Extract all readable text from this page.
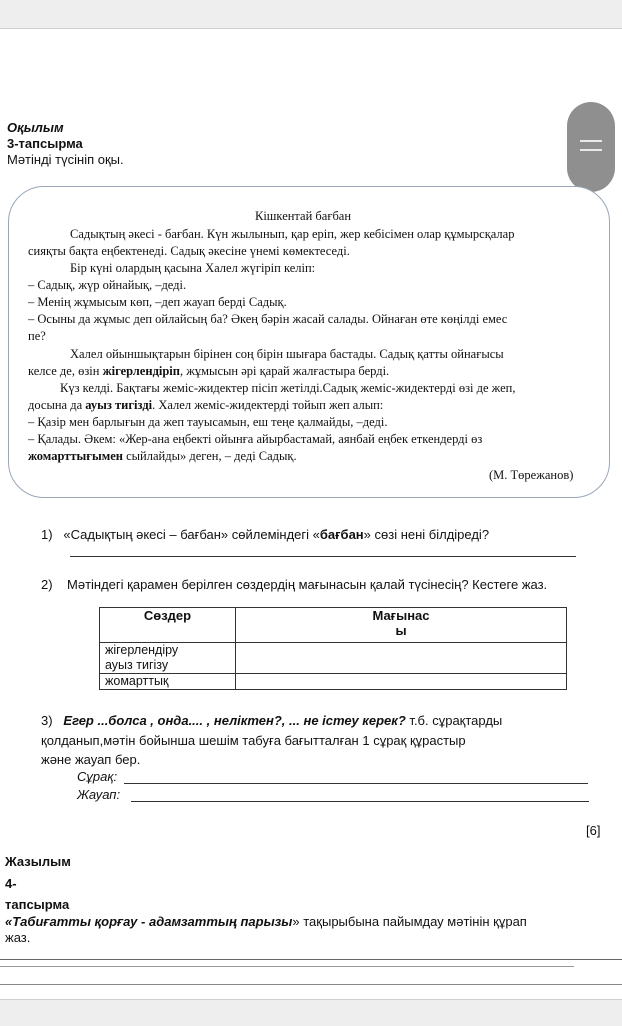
Оқылым
3-тапсырма
Мәтінді түсініп оқы.
Кішкентай бағбан
Садықтың әкесі - бағбан. Күн жылынып, қар еріп, жер кебісімен олар құмырсқалар
сияқты бақта еңбектенеді. Садық әкесіне үнемі көмектеседі.
Бір күні олардың қасына Халел жүгіріп келіп:
– Садық, жүр ойнайық, –деді.
– Менің жұмысым көп, –деп жауап берді Садық.
– Осыны да жұмыс деп ойлайсың ба? Әкең бәрін жасай салады. Ойнаған өте көңілді емес
пе?
Халел ойыншықтарын бірінен соң бірін шығара бастады. Садық қатты ойнағысы
келсе де, өзін жігерлендіріп, жұмысын әрі қарай жалғастыра берді.
Күз келді. Бақтағы жеміс-жидектер пісіп жетілді.Садық жеміс-жидектерді өзі де жеп,
досына да ауыз тигізді. Халел жеміс-жидектерді тойып жеп алып:
– Қазір мен барлығын да жеп тауысамын, еш теңе қалмайды, –деді.
– Қалады. Әкем: «Жер-ана еңбекті ойынға айырбастамай, аянбай еңбек еткендерді өз
жомарттығымен сыйлайды» деген, – деді Садық.
(М. Төрежанов)
1) «Садықтың әкесі – бағбан» сөйлеміндегі «бағбан» сөзі нені білдіреді?
2) Мәтіндегі қарамен берілген сөздердің мағынасын қалай түсінесің? Кестеге жаз.
Сөздер	Мағынас
ы
жігерлендіру	
ауыз тигізу	
жомарттық	
3) Егер ...болса , онда.... , неліктен?, ... не істеу керек? т.б. сұрақтарды
қолданып,мәтін бойынша шешім табуға бағытталған 1 сұрақ құрастыр
және жауап бер.
Сұрақ:
Жауап:
[6]
Жазылым
4-
тапсырма
«Табиғатты қорғау - адамзаттың парызы» тақырыбына пайымдау мәтінін құрап
жаз.
